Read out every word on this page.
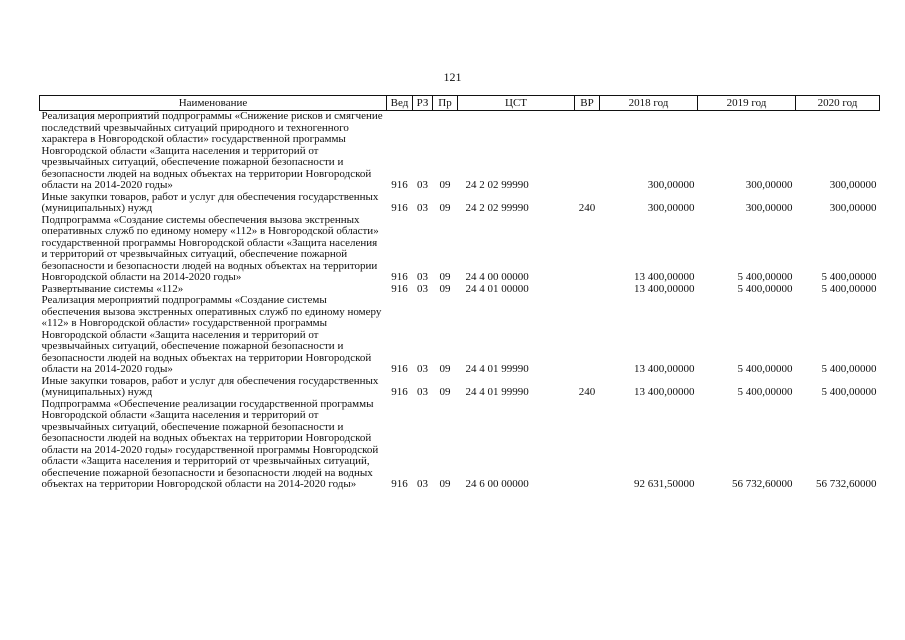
121
Наименование	Вед	РЗ	Пр	ЦСТ	ВР	2018 год	2019 год	2020 год
Реализация мероприятий подпрограммы «Снижение рисков и смягчение последствий чрезвычайных ситуаций природного и техногенного характера в Новгородской области» государственной программы Новгородской области «Защита населения и территорий от чрезвычайных ситуаций, обеспечение пожарной безопасности и безопасности людей на водных объектах на территории Новгородской области на 2014-2020 годы»	916	03	09	24 2 02 99990		300,00000	300,00000	300,00000
Иные закупки товаров, работ и услуг для обеспечения государственных (муниципальных) нужд	916	03	09	24 2 02 99990	240	300,00000	300,00000	300,00000
Подпрограмма «Создание системы обеспечения вызова экстренных оперативных служб по единому номеру «112» в Новгородской области» государственной программы Новгородской области «Защита населения и территорий от чрезвычайных ситуаций, обеспечение пожарной безопасности и безопасности людей на водных объектах на территории Новгородской области на 2014-2020 годы»	916	03	09	24 4 00 00000		13 400,00000	5 400,00000	5 400,00000
Развертывание системы «112»	916	03	09	24 4 01 00000		13 400,00000	5 400,00000	5 400,00000
Реализация мероприятий подпрограммы «Создание системы обеспечения вызова экстренных оперативных служб по единому номеру «112» в Новгородской области» государственной программы Новгородской области «Защита населения и территорий от чрезвычайных ситуаций, обеспечение пожарной безопасности и безопасности людей на водных объектах на территории Новгородской области на 2014-2020 годы»	916	03	09	24 4 01 99990		13 400,00000	5 400,00000	5 400,00000
Иные закупки товаров, работ и услуг для обеспечения государственных (муниципальных) нужд	916	03	09	24 4 01 99990	240	13 400,00000	5 400,00000	5 400,00000
Подпрограмма «Обеспечение реализации государственной программы Новгородской области «Защита населения и территорий от чрезвычайных ситуаций, обеспечение пожарной безопасности и безопасности людей на водных объектах на территории Новгородской области на 2014-2020 годы» государственной программы Новгородской области «Защита населения и территорий от чрезвычайных ситуаций, обеспечение пожарной безопасности и безопасности людей на водных объектах на территории Новгородской области на 2014-2020 годы»	916	03	09	24 6 00 00000		92 631,50000	56 732,60000	56 732,60000
